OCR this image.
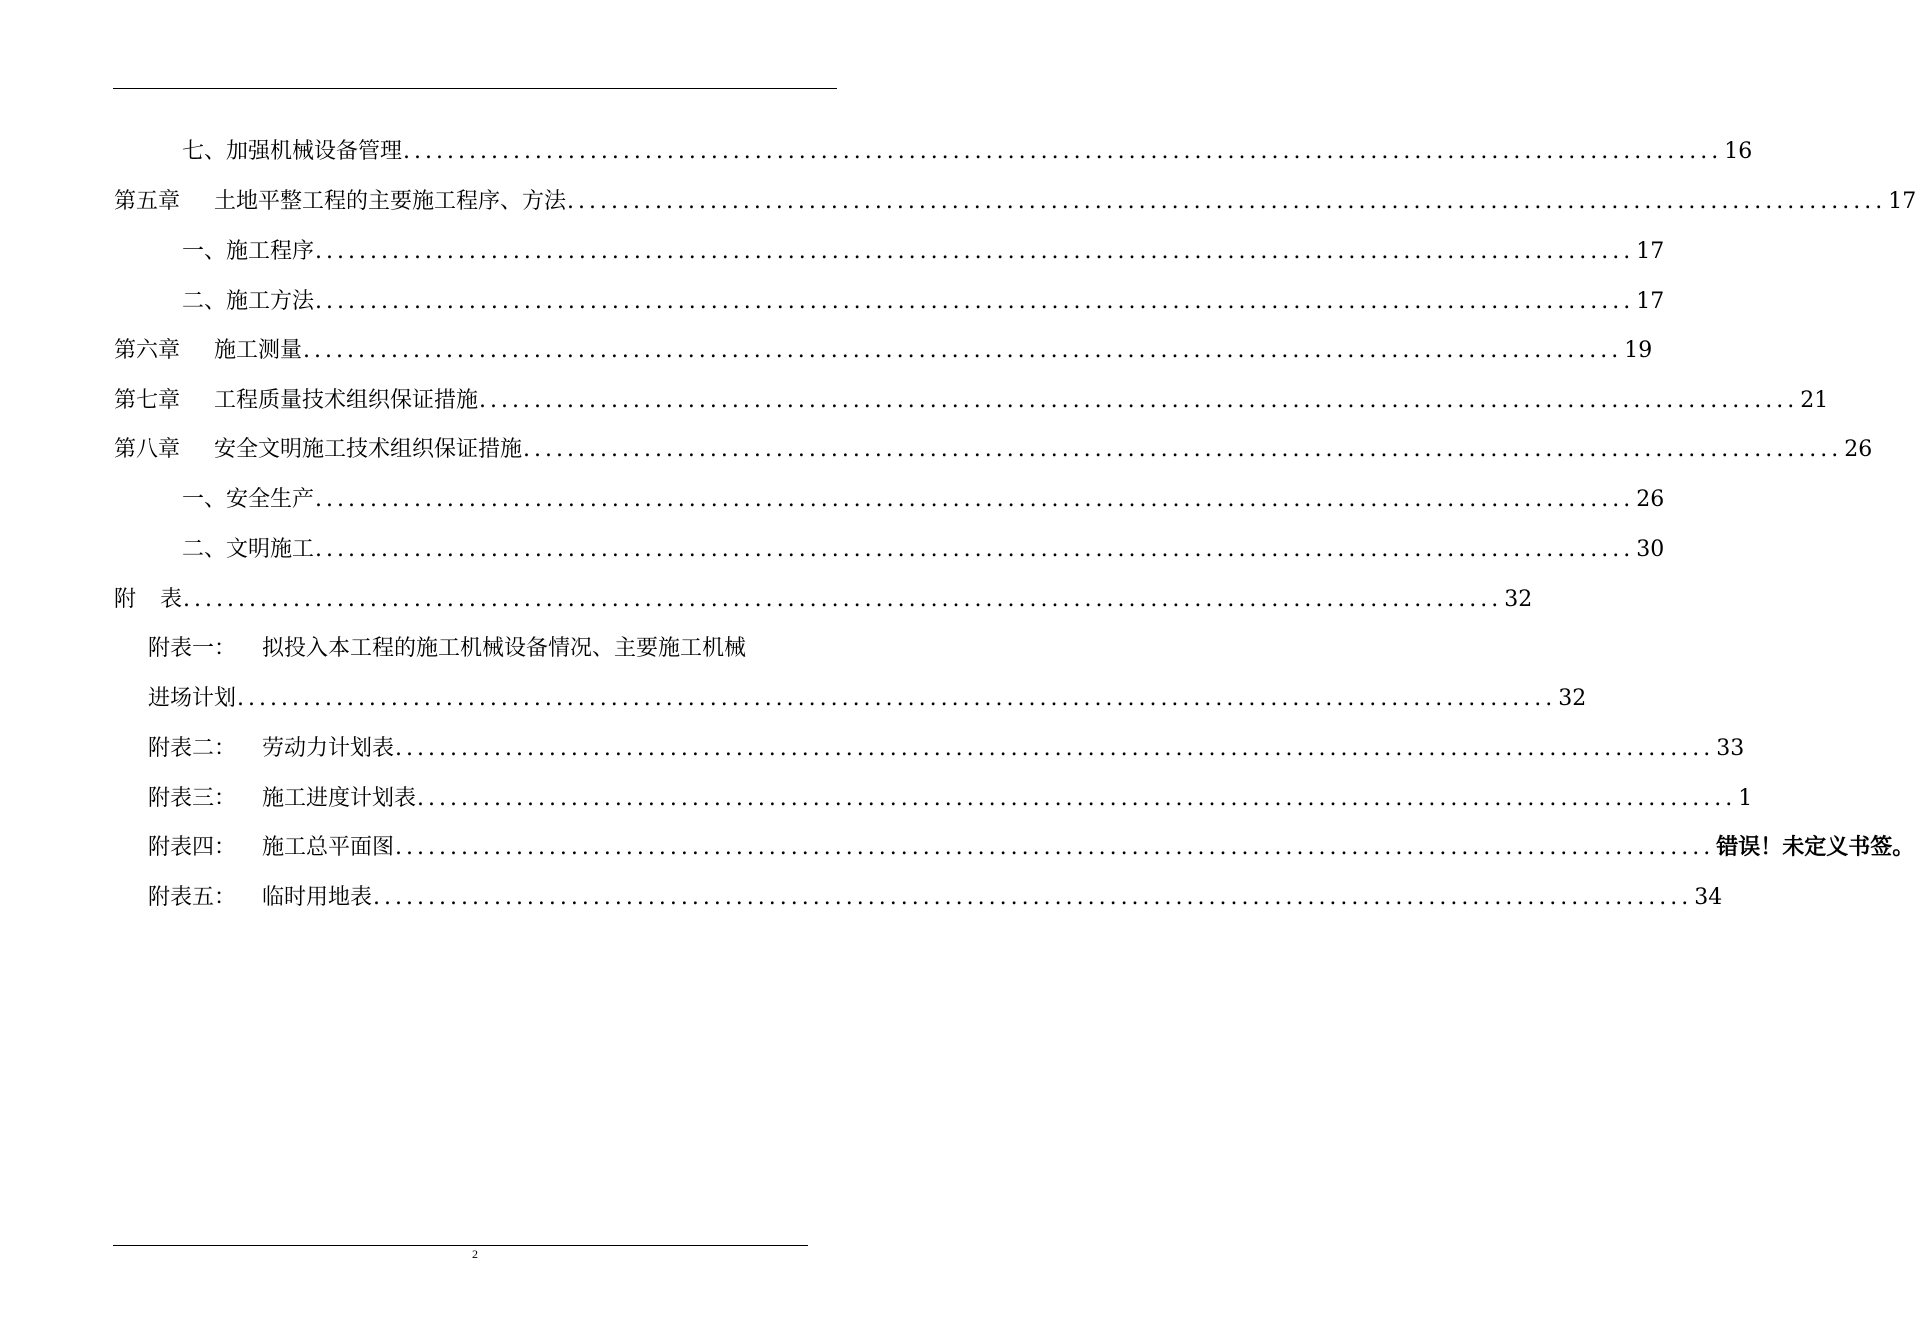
七、加强机械设备管理 ........................................................................................................................ 16
第五章 土地平整工程的主要施工程序、方法 ........................................................................................................................ 17
一、施工程序 ........................................................................................................................ 17
二、施工方法 ........................................................................................................................ 17
第六章 施工测量 ........................................................................................................................ 19
第七章 工程质量技术组织保证措施 ........................................................................................................................ 21
第八章 安全文明施工技术组织保证措施 ........................................................................................................................ 26
一、安全生产 ........................................................................................................................ 26
二、文明施工 ........................................................................................................................ 30
附 表 ........................................................................................................................ 32
附表一： 拟投入本工程的施工机械设备情况、主要施工机械
进场计划 ........................................................................................................................ 32
附表二： 劳动力计划表 ........................................................................................................................ 33
附表三： 施工进度计划表 ........................................................................................................................ 1
附表四： 施工总平面图 ........................................................................................................................ 错误！未定义书签。
附表五： 临时用地表 ........................................................................................................................ 34
2
